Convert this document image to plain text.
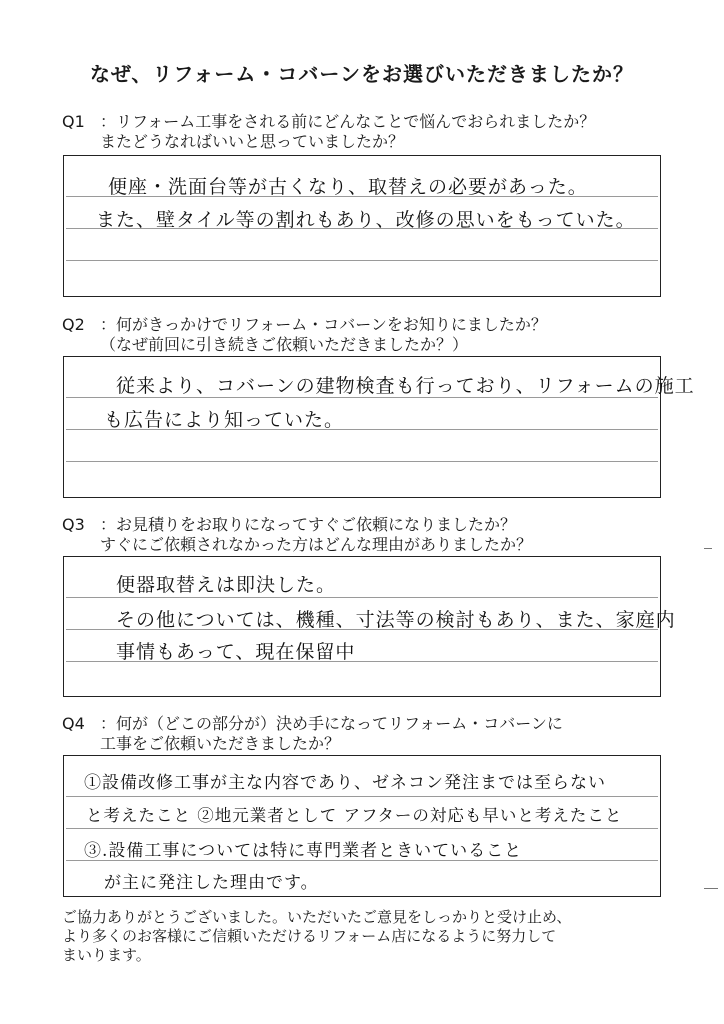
なぜ、リフォーム・コバーンをお選びいただきましたか？
Q1 ：リフォーム工事をされる前にどんなことで悩んでおられましたか？
またどうなればいいと思っていましたか？
便座・洗面台等が古くなり、取替えの必要があった。
また、壁タイル等の割れもあり、改修の思いをもっていた。
Q2 ：何がきっかけでリフォーム・コバーンをお知りにましたか？
（なぜ前回に引き続きご依頼いただきましたか？）
従来より、コバーンの建物検査も行っており、リフォームの施工
も広告により知っていた。
Q3 ：お見積りをお取りになってすぐご依頼になりましたか？
すぐにご依頼されなかった方はどんな理由がありましたか？
便器取替えは即決した。
その他については、機種、寸法等の検討もあり、また、家庭内
事情もあって、現在保留中
Q4 ：何が（どこの部分が）決め手になってリフォーム・コバーンに
工事をご依頼いただきましたか？
①設備改修工事が主な内容であり、ゼネコン発注までは至らない
と考えたこと ②地元業者として アフターの対応も早いと考えたこと
③.設備工事については特に専門業者ときいていること
が主に発注した理由です。
ご協力ありがとうございました。いただいたご意見をしっかりと受け止め、
より多くのお客様にご信頼いただけるリフォーム店になるように努力して
まいります。
